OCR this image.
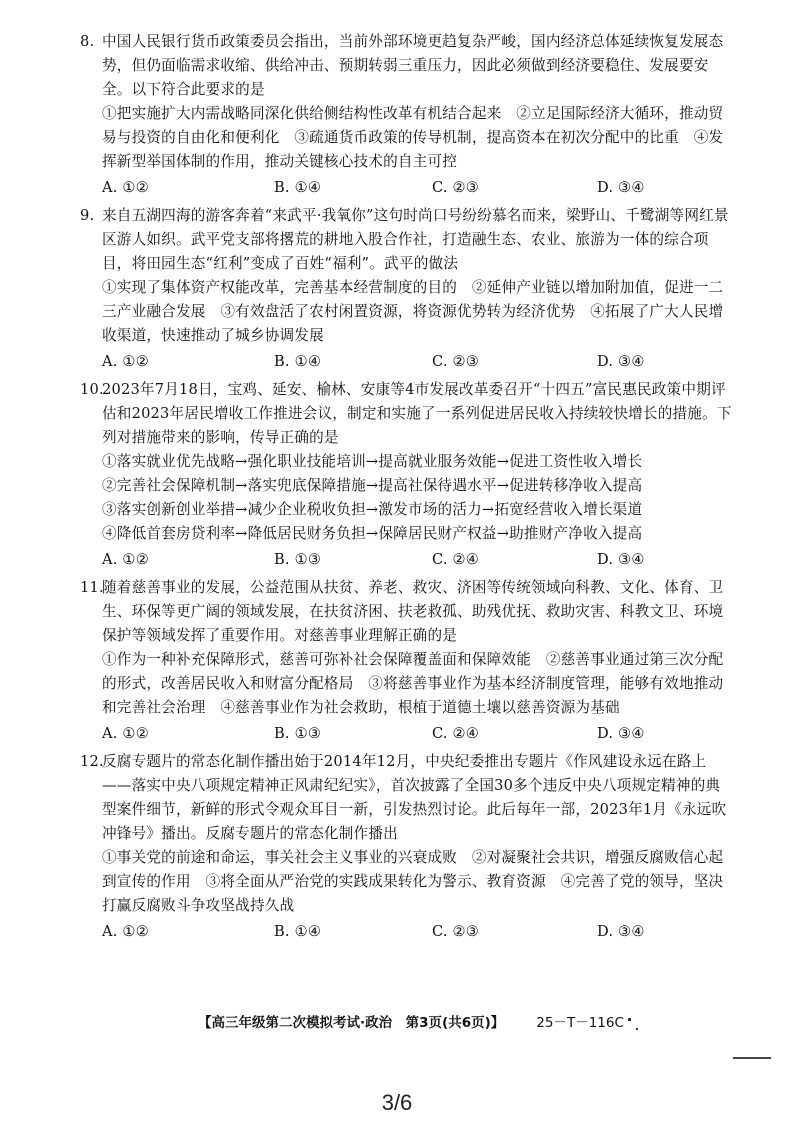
8. 中国人民银行货币政策委员会指出，当前外部环境更趋复杂严峻，国内经济总体延续恢复发展态势，但仍面临需求收缩、供给冲击、预期转弱三重压力，因此必须做到经济要稳住、发展要安全。以下符合此要求的是
①把实施扩大内需战略同深化供给侧结构性改革有机结合起来　②立足国际经济大循环，推动贸易与投资的自由化和便利化　③疏通货币政策的传导机制，提高资本在初次分配中的比重　④发挥新型举国体制的作用，推动关键核心技术的自主可控
A. ①②	B. ①④	C. ②③	D. ③④
9. 来自五湖四海的游客奔着“来武平·我氧你”这句时尚口号纷纷慕名而来，梁野山、千鹭湖等网红景区游人如织。武平党支部将撂荒的耕地入股合作社，打造融生态、农业、旅游为一体的综合项目，将田园生态“红利”变成了百姓“福利”。武平的做法
①实现了集体资产权能改革，完善基本经营制度的目的　②延伸产业链以增加附加值，促进一二三产业融合发展　③有效盘活了农村闲置资源，将资源优势转为经济优势　④拓展了广大人民增收渠道，快速推动了城乡协调发展
A. ①②	B. ①④	C. ②③	D. ③④
10.
2023年7月18日，宝鸡、延安、榆林、安康等4市发展改革委召开“十四五”富民惠民政策中期评估和2023年居民增收工作推进会议，制定和实施了一系列促进居民收入持续较快增长的措施。下列对措施带来的影响，传导正确的是
①落实就业优先战略→强化职业技能培训→提高就业服务效能→促进工资性收入增长
②完善社会保障机制→落实兜底保障措施→提高社保待遇水平→促进转移净收入提高
③落实创新创业举措→减少企业税收负担→激发市场的活力→拓宽经营收入增长渠道
④降低首套房贷利率→降低居民财务负担→保障居民财产权益→助推财产净收入提高
A. ①②	B. ①③	C. ②④	D. ③④
11.
随着慈善事业的发展，公益范围从扶贫、养老、救灾、济困等传统领域向科教、文化、体育、卫生、环保等更广阔的领域发展，在扶贫济困、扶老救孤、助残优抚、救助灾害、科教文卫、环境保护等领域发挥了重要作用。对慈善事业理解正确的是
①作为一种补充保障形式，慈善可弥补社会保障覆盖面和保障效能　②慈善事业通过第三次分配的形式，改善居民收入和财富分配格局　③将慈善事业作为基本经济制度管理，能够有效地推动和完善社会治理　④慈善事业作为社会救助，根植于道德土壤以慈善资源为基础
A. ①②	B. ①③	C. ②④	D. ③④
12.
反腐专题片的常态化制作播出始于2014年12月，中央纪委推出专题片《作风建设永远在路上——落实中央八项规定精神正风肃纪纪实》，首次披露了全国30多个违反中央八项规定精神的典型案件细节，新鲜的形式令观众耳目一新，引发热烈讨论。此后每年一部，2023年1月《永远吹冲锋号》播出。反腐专题片的常态化制作播出
①事关党的前途和命运，事关社会主义事业的兴衰成败　②对凝聚社会共识，增强反腐败信心起到宣传的作用　③将全面从严治党的实践成果转化为警示、教育资源　④完善了党的领导，坚决打赢反腐败斗争攻坚战持久战
A. ①②	B. ①④	C. ②③	D. ③④
【高三年级第二次模拟考试·政治　第3页(共6页)】 25－T－116C
3/6
